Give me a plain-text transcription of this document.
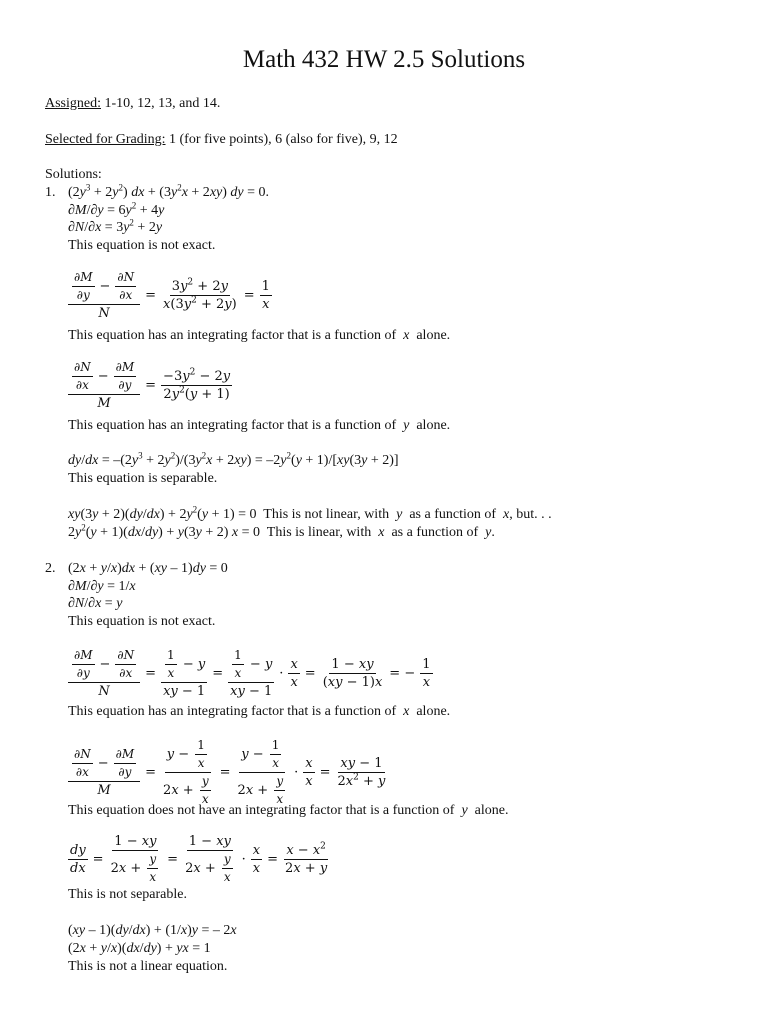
Math 432 HW 2.5 Solutions
Assigned: 1-10, 12, 13, and 14.
Selected for Grading: 1 (for five points), 6 (also for five), 9, 12
Solutions:
1. $(2y^3 + 2y^2)$ dx + $(3y^2x + 2xy)$ dy = 0.
$\partial M/\partial y = 6y^2 + 4y$
$\partial N/\partial x = 3y^2 + 2y$
This equation is not exact.
$\frac{\frac{\partial M}{\partial y} - \frac{\partial N}{\partial x}}{N} = \frac{3y^2 + 2y}{x(3y^2 + 2y)} = \frac{1}{x}$
This equation has an integrating factor that is a function of x alone.
$\frac{\frac{\partial N}{\partial x} - \frac{\partial M}{\partial y}}{M} = \frac{-3y^2 - 2y}{2y^2(y + 1)}$
This equation has an integrating factor that is a function of y alone.
$dy/dx = -(2y^3 + 2y^2)/(3y^2x + 2xy) = -2y^2(y + 1)/[xy(3y + 2)]$
This equation is separable.
$xy(3y + 2)(dy/dx) + 2y^2(y + 1) = 0$  This is not linear, with y as a function of x, but. . .
$2y^2(y + 1)(dx/dy) + y(3y + 2) x = 0$  This is linear, with x as a function of y.
2. (2x + y/x)dx + (xy – 1)dy = 0
∂M/∂y = 1/x
∂N/∂x = y
This equation is not exact.
$\frac{\frac{\partial M}{\partial y} - \frac{\partial N}{\partial x}}{N} = \frac{\frac{1}{x} - y}{xy - 1} = \frac{\frac{1}{x} - y}{xy - 1} \cdot \frac{x}{x} = \frac{1 - xy}{(xy - 1)x}$ = − $\frac{1}{x}$
This equation has an integrating factor that is a function of x alone.
$\frac{\frac{\partial N}{\partial x} - \frac{\partial M}{\partial y}}{M} = \frac{y - \frac{1}{x}}{2x + \frac{y}{x}} = \frac{y - \frac{1}{x}}{2x + \frac{y}{x}} \cdot \frac{x}{x} = \frac{xy - 1}{2x^2 + y}$
This equation does not have an integrating factor that is a function of y alone.
$\frac{dy}{dx} = \frac{1 - xy}{2x + \frac{y}{x}} = \frac{1 - xy}{2x + \frac{y}{x}} \cdot \frac{x}{x} = \frac{x - x^2}{2x + y}$
This is not separable.
(xy – 1)(dy/dx) + (1/x)y = – 2x
(2x + y/x)(dx/dy) + yx = 1
This is not a linear equation.
